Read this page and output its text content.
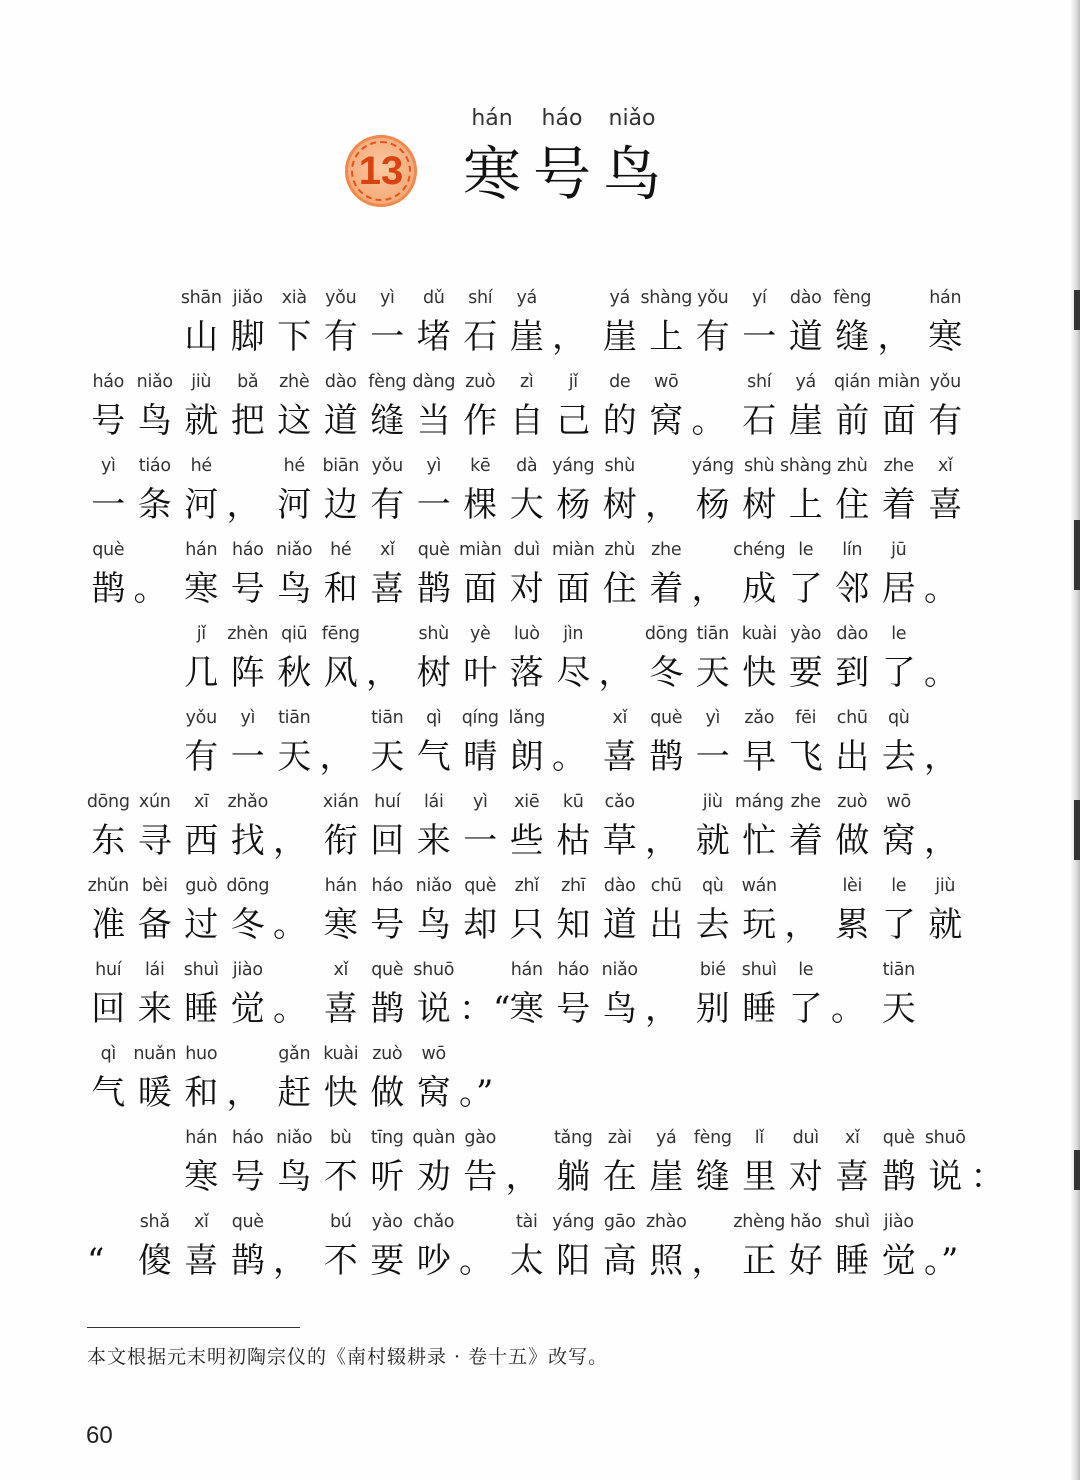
13
hán
寒
háo
号
niǎo
鸟
shān
山
jiǎo
脚
xià
下
yǒu
有
yì
一
dǔ
堵
shí
石
yá
崖 ，
yá
崖
shàng
上
yǒu
有
yí
一
dào
道
fèng
缝 ，
hán
寒
háo
号
niǎo
鸟
jiù
就
bǎ
把
zhè
这
dào
道
fèng
缝
dàng
当
zuò
作
zì
自
jǐ
己
de
的
wō
窝 。
shí
石
yá
崖
qián
前
miàn
面
yǒu
有
yì
一
tiáo
条
hé
河 ，
hé
河
biān
边
yǒu
有
yì
一
kē
棵
dà
大
yáng
杨
shù
树 ，
yáng
杨
shù
树
shàng
上
zhù
住
zhe
着
xǐ
喜
què
鹊 。
hán
寒
háo
号
niǎo
鸟
hé
和
xǐ
喜
què
鹊
miàn
面
duì
对
miàn
面
zhù
住
zhe
着 ，
chéng
成
le
了
lín
邻
jū
居 。
jǐ
几
zhèn
阵
qiū
秋
fēng
风 ，
shù
树
yè
叶
luò
落
jìn
尽 ，
dōng
冬
tiān
天
kuài
快
yào
要
dào
到
le
了 。
yǒu
有
yì
一
tiān
天 ，
tiān
天
qì
气
qíng
晴
lǎng
朗 。
xǐ
喜
què
鹊
yì
一
zǎo
早
fēi
飞
chū
出
qù
去 ，
dōng
东
xún
寻
xī
西
zhǎo
找 ，
xián
衔
huí
回
lái
来
yì
一
xiē
些
kū
枯
cǎo
草 ，
jiù
就
máng
忙
zhe
着
zuò
做
wō
窝 ，
zhǔn
准
bèi
备
guò
过
dōng
冬 。
hán
寒
háo
号
niǎo
鸟
què
却
zhǐ
只
zhī
知
dào
道
chū
出
qù
去
wán
玩 ，
lèi
累
le
了
jiù
就
huí
回
lái
来
shuì
睡
jiào
觉 。
xǐ
喜
què
鹊
shuō
说 ：“
hán
寒
háo
号
niǎo
鸟 ，
bié
别
shuì
睡
le
了 。
tiān
天
qì
气
nuǎn
暖
huo
和 ，
gǎn
赶
kuài
快
zuò
做
wō
窝 。”
hán
寒
háo
号
niǎo
鸟
bù
不
tīng
听
quàn
劝
gào
告 ，
tǎng
躺
zài
在
yá
崖
fèng
缝
lǐ
里
duì
对
xǐ
喜
què
鹊
shuō
说 ：
“
shǎ
傻
xǐ
喜
què
鹊 ，
bú
不
yào
要
chǎo
吵 。
tài
太
yáng
阳
gāo
高
zhào
照 ，
zhèng
正
hǎo
好
shuì
睡
jiào
觉 。”
本文根据元末明初陶宗仪的《南村辍耕录 · 卷十五》改写。
60
